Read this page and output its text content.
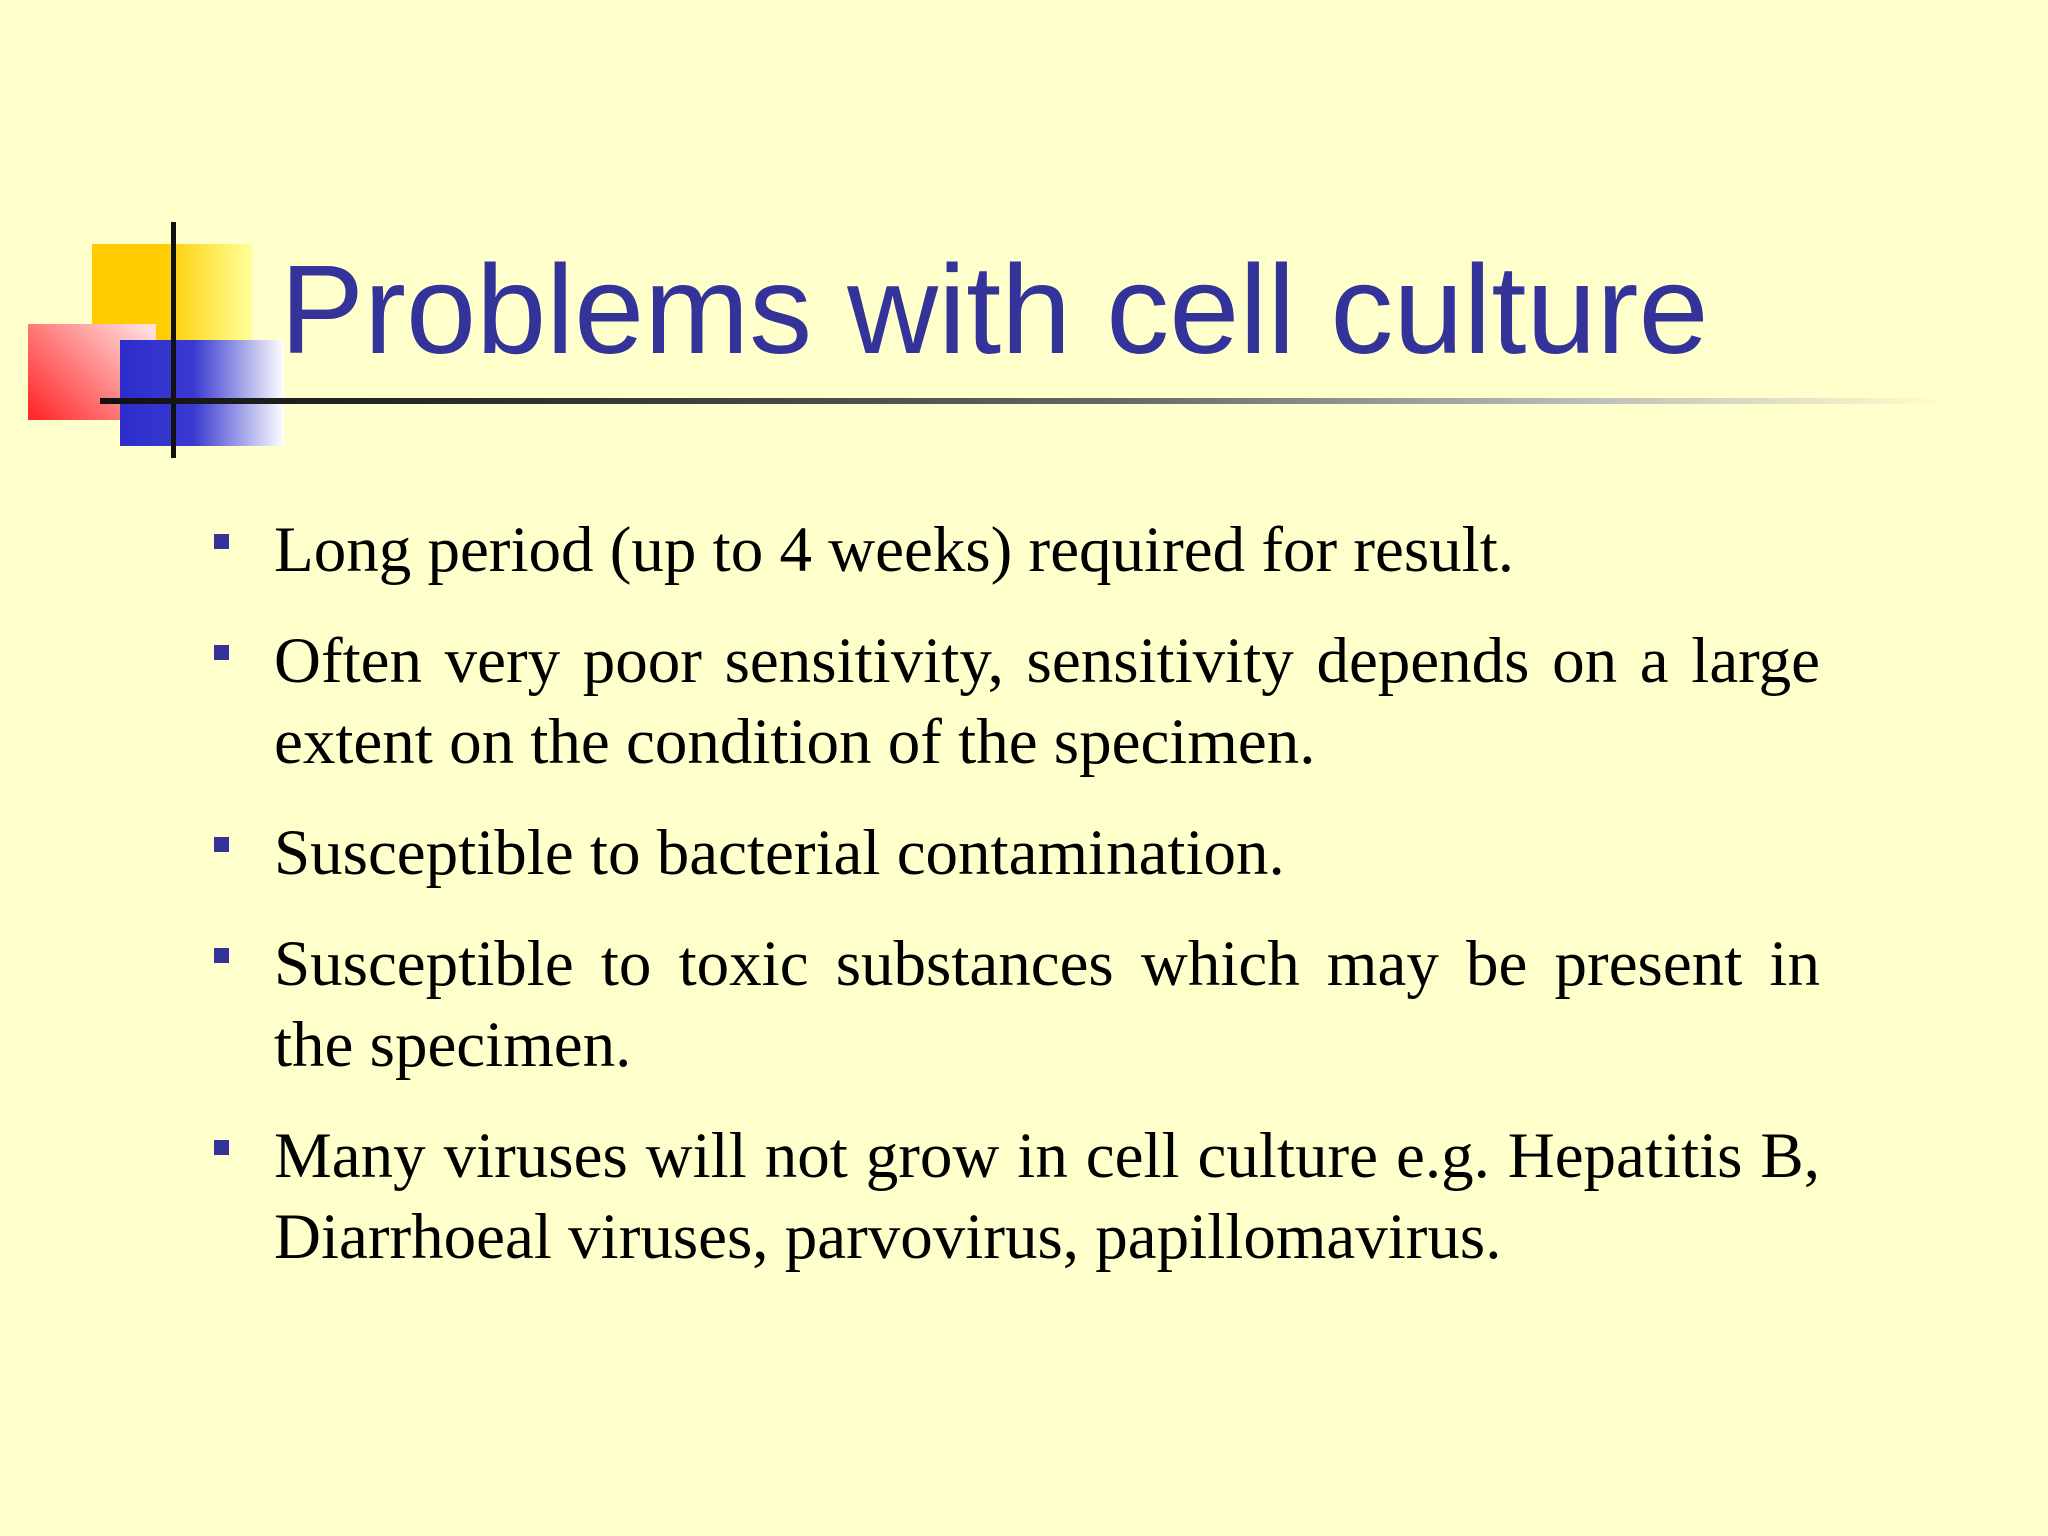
Problems with cell culture
Long period (up to 4 weeks) required for result.
Often very poor sensitivity, sensitivity depends on a large extent on the condition of the specimen.
Susceptible to bacterial contamination.
Susceptible to toxic substances which may be present in the specimen.
Many viruses will not grow in cell culture e.g. Hepatitis B, Diarrhoeal viruses, parvovirus, papillomavirus.
